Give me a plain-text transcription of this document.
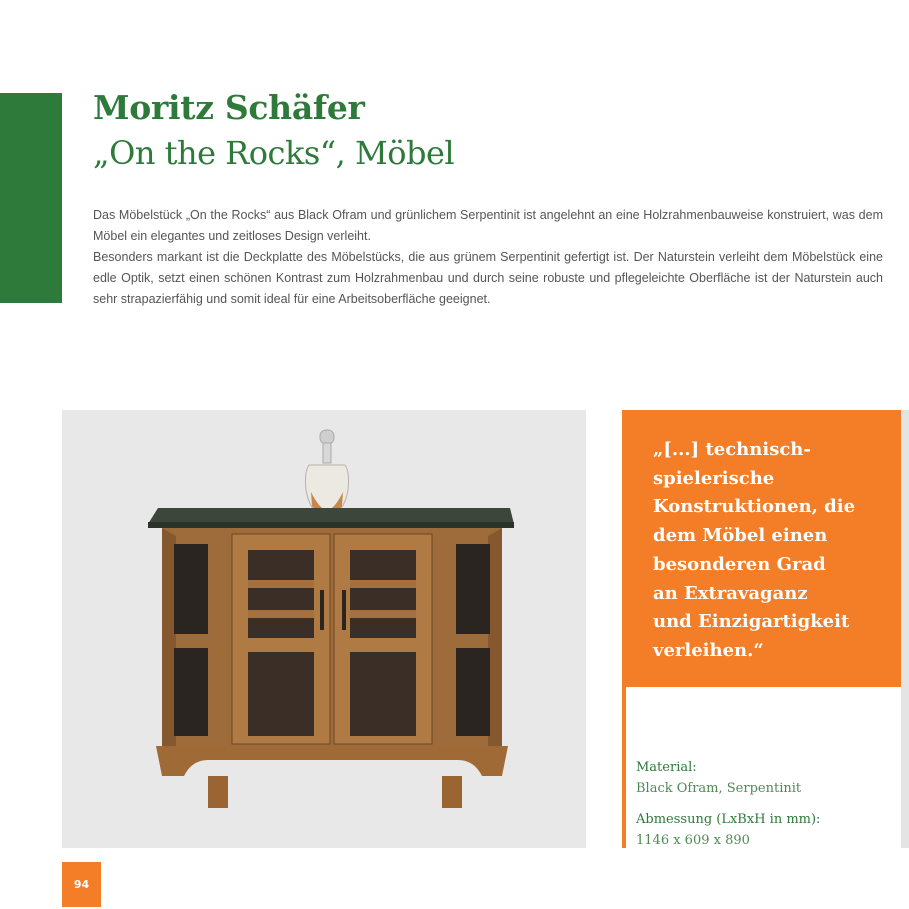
Moritz Schäfer
„On the Rocks“, Möbel

Das Möbelstück „On the Rocks“ aus Black Ofram und grünlichem Serpentinit ist angelehnt an eine Holzrahmenbauweise konstruiert, was dem Möbel ein elegantes und zeitloses Design verleiht.

Besonders markant ist die Deckplatte des Möbelstücks, die aus grünem Serpentinit gefertigt ist. Der Naturstein verleiht dem Möbelstück eine edle Optik, setzt einen schönen Kontrast zum Holzrahmenbau und durch seine robuste und pflegeleichte Oberfläche ist der Naturstein auch sehr strapazierfähig und somit ideal für eine Arbeitsoberfläche geeignet.

„[...] technisch-
spielerische
Konstruktionen, die
dem Möbel einen
besonderen Grad
an Extravaganz
und Einzigartigkeit
verleihen.“

Material:

Black Ofram, Serpentinit

Abmessung (LxBxH in mm):

1146 x 609 x 890

94
